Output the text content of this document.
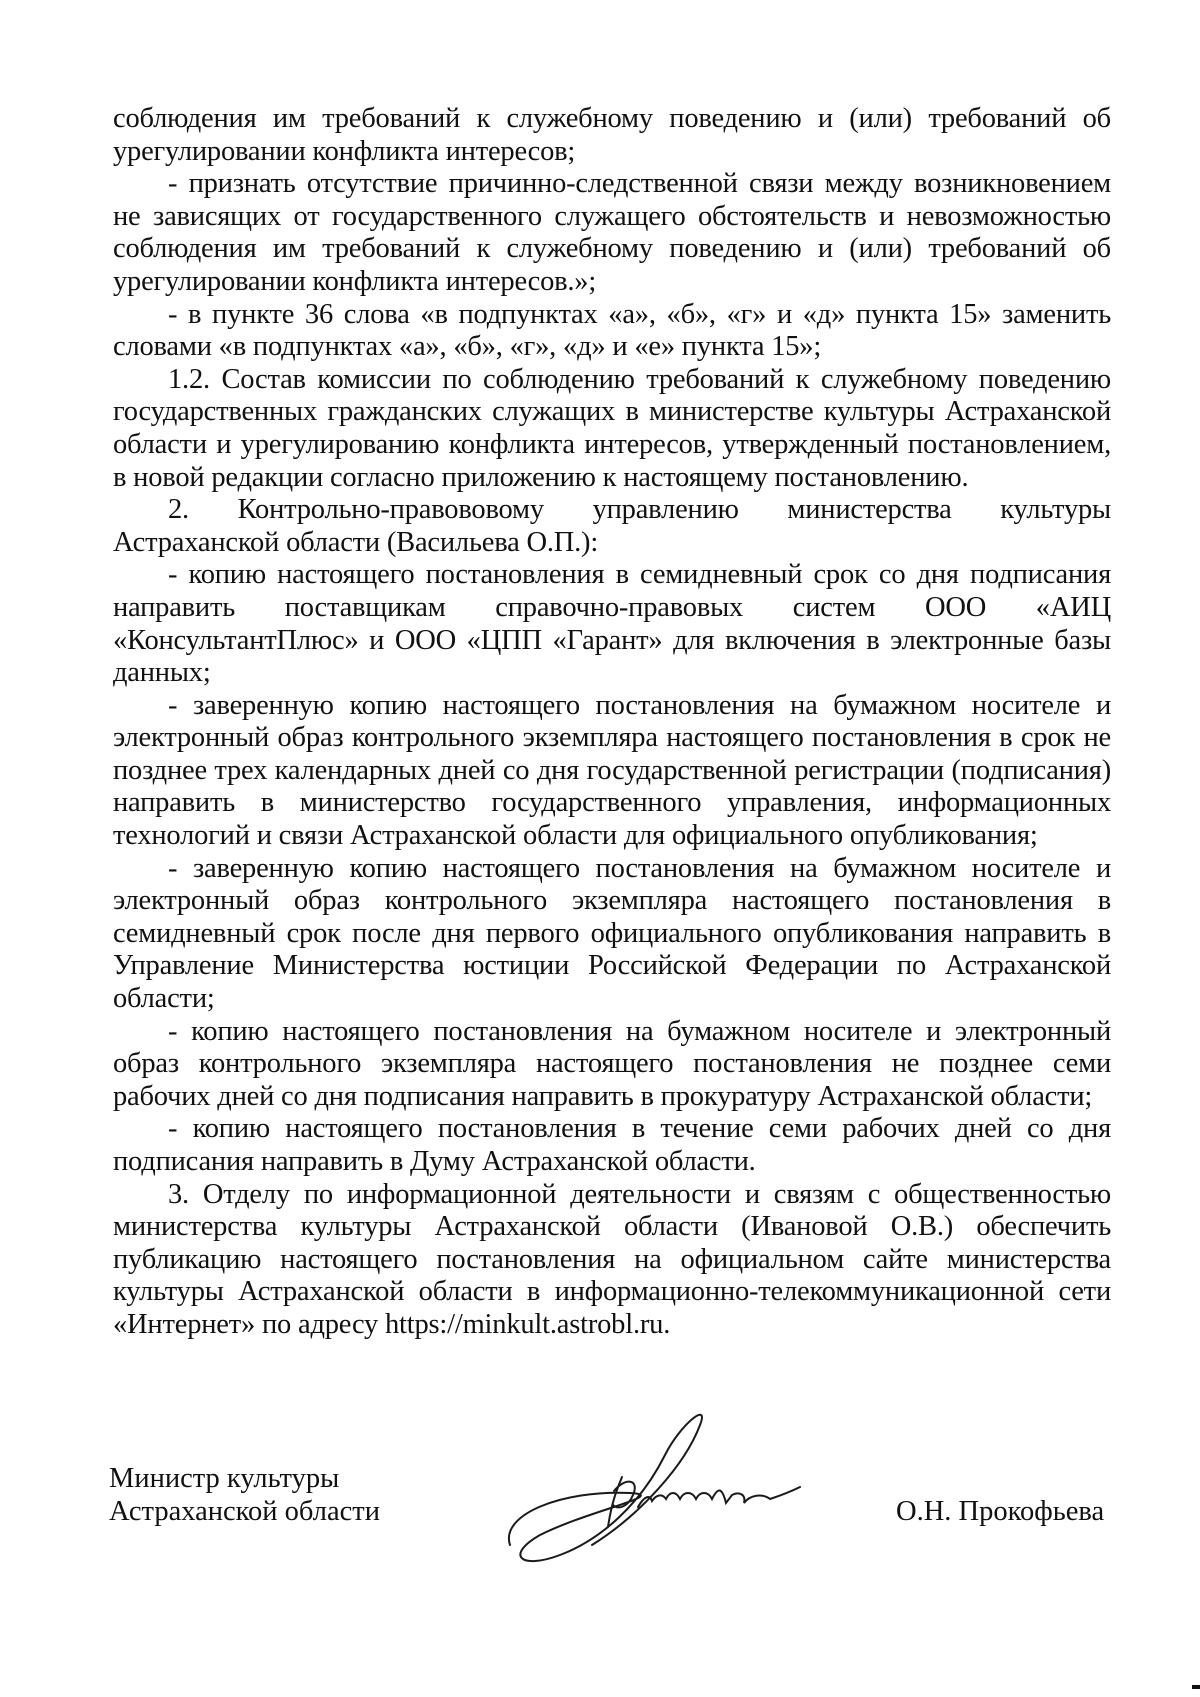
соблюдения им требований к служебному поведению и (или) требований об урегулировании конфликта интересов;

- признать отсутствие причинно-следственной связи между возникновением не зависящих от государственного служащего обстоятельств и невозможностью соблюдения им требований к служебному поведению и (или) требований об урегулировании конфликта интересов.»;

- в пункте 36 слова «в подпунктах «а», «б», «г» и «д» пункта 15» заменить словами «в подпунктах «а», «б», «г», «д» и «е» пункта 15»;

1.2. Состав комиссии по соблюдению требований к служебному поведению государственных гражданских служащих в министерстве культуры Астраханской области и урегулированию конфликта интересов, утвержденный постановлением, в новой редакции согласно приложению к настоящему постановлению.

2. Контрольно-правововому управлению министерства культуры Астраханской области (Васильева О.П.):

- копию настоящего постановления в семидневный срок со дня подписания направить поставщикам справочно-правовых систем ООО «АИЦ «КонсультантПлюс» и ООО «ЦПП «Гарант» для включения в электронные базы данных;

- заверенную копию настоящего постановления на бумажном носителе и электронный образ контрольного экземпляра настоящего постановления в срок не позднее трех календарных дней со дня государственной регистрации (подписания) направить в министерство государственного управления, информационных технологий и связи Астраханской области для официального опубликования;

- заверенную копию настоящего постановления на бумажном носителе и электронный образ контрольного экземпляра настоящего постановления в семидневный срок после дня первого официального опубликования направить в Управление Министерства юстиции Российской Федерации по Астраханской области;

- копию настоящего постановления на бумажном носителе и электронный образ контрольного экземпляра настоящего постановления не позднее семи рабочих дней со дня подписания направить в прокуратуру Астраханской области;

- копию настоящего постановления в течение семи рабочих дней со дня подписания направить в Думу Астраханской области.

3. Отделу по информационной деятельности и связям с общественностью министерства культуры Астраханской области (Ивановой О.В.) обеспечить публикацию настоящего постановления на официальном сайте министерства культуры Астраханской области в информационно-телекоммуникационной сети «Интернет» по адресу https://minkult.astrobl.ru.

Министр культуры
Астраханской области	О.Н. Прокофьева
